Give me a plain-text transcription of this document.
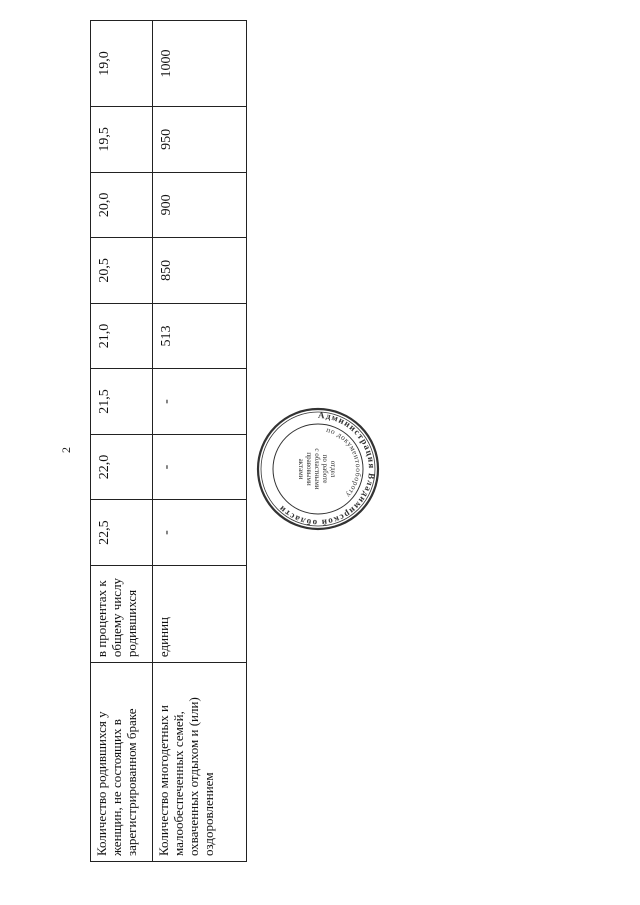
2
Количество родившихся у женщин, не состоящих в зарегистрированном браке	в процентах к общему числу родившихся	22,5	22,0	21,5	21,0	20,5	20,0	19,5	19,0
Количество многодетных и малообеспеченных семей, охваченных отдыхом и (или) оздоровлением	единиц	-	-	-	513	850	900	950	1000
Администрация Владимирской области
по документообороту
отдел
по работе
с областными
правовыми
актами
